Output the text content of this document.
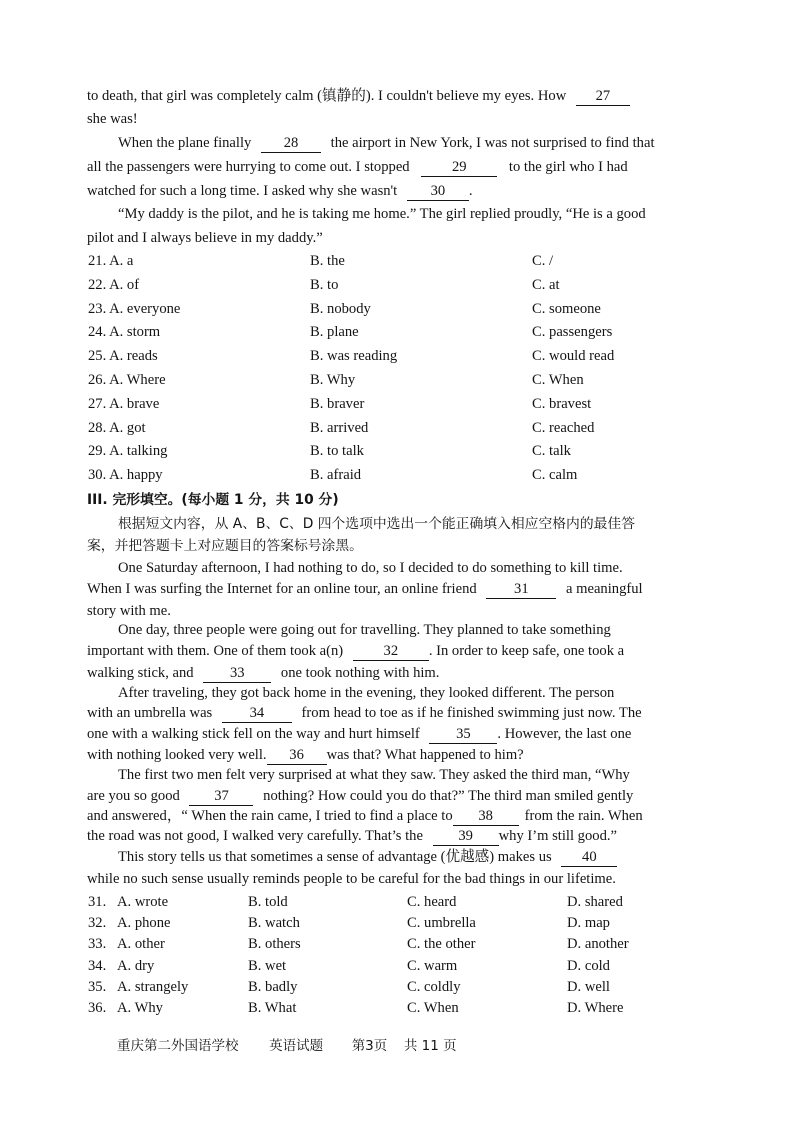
to death, that girl was completely calm (镇静的). I couldn't believe my eyes. How 27
she was!
When the plane finally 28 the airport in New York, I was not surprised to find that
all the passengers were hurrying to come out. I stopped	29	to the girl who I had
watched for such a long time. I asked why she wasn't 30 .
“My daddy is the pilot, and he is taking me home.” The girl replied proudly, “He is a good
pilot and I always believe in my daddy.”
21. A. a	B. the	C. /
22. A. of	B. to	C. at
23. A. everyone	B. nobody	C. someone
24. A. storm	B. plane	C. passengers
25. A. reads	B. was reading	C. would read
26. A. Where	B. Why	C. When
27. A. brave	B. braver	C. bravest
28. A. got	B. arrived	C. reached
29. A. talking	B. to talk	C. talk
30. A. happy	B. afraid	C. calm
III. 完形填空。(每小题 1 分，共 10 分)
根据短文内容，从 A、B、C、D 四个选项中选出一个能正确填入相应空格内的最佳答
案，并把答题卡上对应题目的答案标号涂黑。
One Saturday afternoon, I had nothing to do, so I decided to do something to kill time.
When I was surfing the Internet for an online tour, an online friend	31	a meaningful
story with me.
One day, three people were going out for travelling. They planned to take something
important with them. One of them took a(n)	32 . In order to keep safe, one took a
walking stick, and 33 one took nothing with him.
After traveling, they got back home in the evening, they looked different. The person
with an umbrella was	34	from head to toe as if he finished swimming just now. The
one with a walking stick fell on the way and hurt himself 35 . However, the last one
with nothing looked very well. 36 was that? What happened to him?
The first two men felt very surprised at what they saw. They asked the third man, “Why
are you so good 37 nothing? How could you do that?” The third man smiled gently
and answered，“ When the rain came, I tried to find a place to 38 from the rain. When
the road was not good, I walked very carefully. That’s the 39 why I’m still good.”
This story tells us that sometimes a sense of advantage (优越感) makes us 40
while no such sense usually reminds people to be careful for the bad things in our lifetime.
31. A. wrote	B. told	C. heard	D. shared
32. A. phone	B. watch	C. umbrella	D. map
33. A. other	B. others	C. the other	D. another
34. A. dry	B. wet	C. warm	D. cold
35. A. strangely	B. badly	C. coldly	D. well
36. A. Why	B. What	C. When	D. Where
重庆第二外国语学校 英语试题 第3页 共 11 页
